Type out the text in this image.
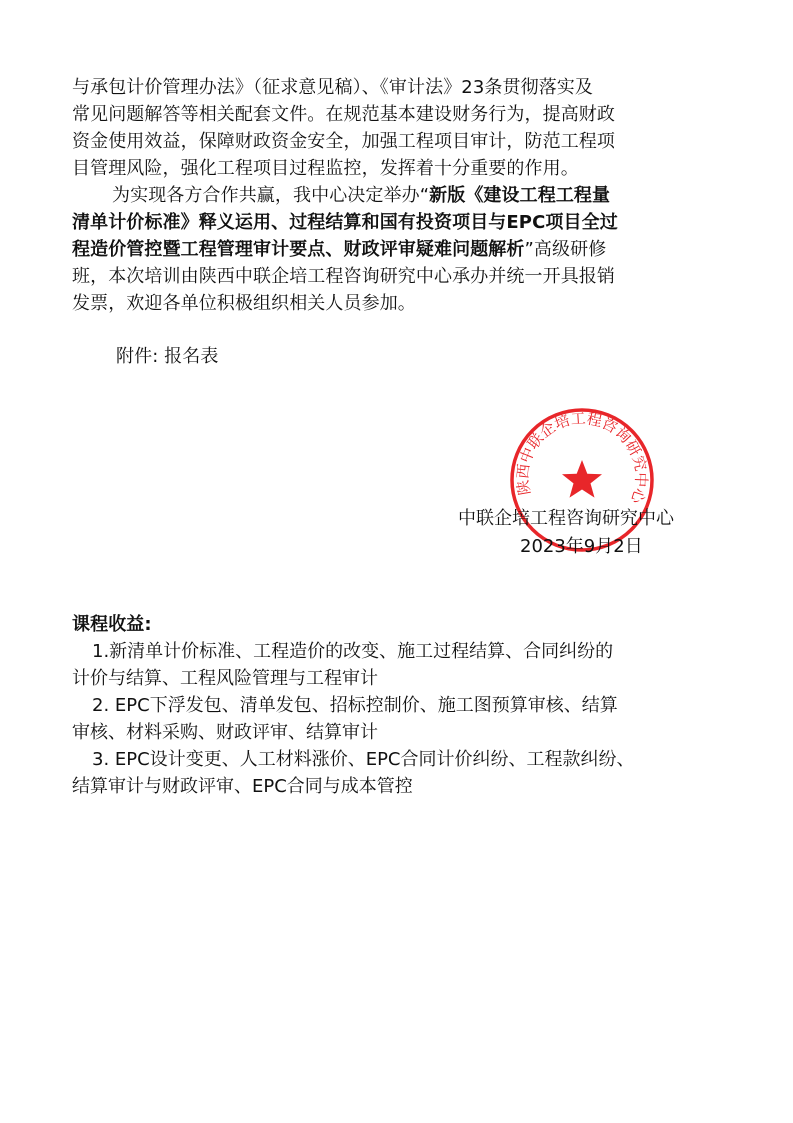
与承包计价管理办法》（征求意见稿）、《审计法》23条贯彻落实及
常见问题解答等相关配套文件。在规范基本建设财务行为，提高财政
资金使用效益，保障财政资金安全，加强工程项目审计，防范工程项
目管理风险，强化工程项目过程监控，发挥着十分重要的作用。
为实现各方合作共赢，我中心决定举办“新版《建设工程工程量
清单计价标准》释义运用、过程结算和国有投资项目与EPC项目全过
程造价管控暨工程管理审计要点、财政评审疑难问题解析”高级研修
班，本次培训由陕西中联企培工程咨询研究中心承办并统一开具报销
发票，欢迎各单位积极组织相关人员参加。
附件: 报名表
陕西中联企培工程咨询研究中心
中联企培工程咨询研究中心
2023年9月2日
课程收益:
1.新清单计价标准、工程造价的改变、施工过程结算、合同纠纷的
计价与结算、工程风险管理与工程审计
2. EPC下浮发包、清单发包、招标控制价、施工图预算审核、结算
审核、材料采购、财政评审、结算审计
3. EPC设计变更、人工材料涨价、EPC合同计价纠纷、工程款纠纷、
结算审计与财政评审、EPC合同与成本管控
